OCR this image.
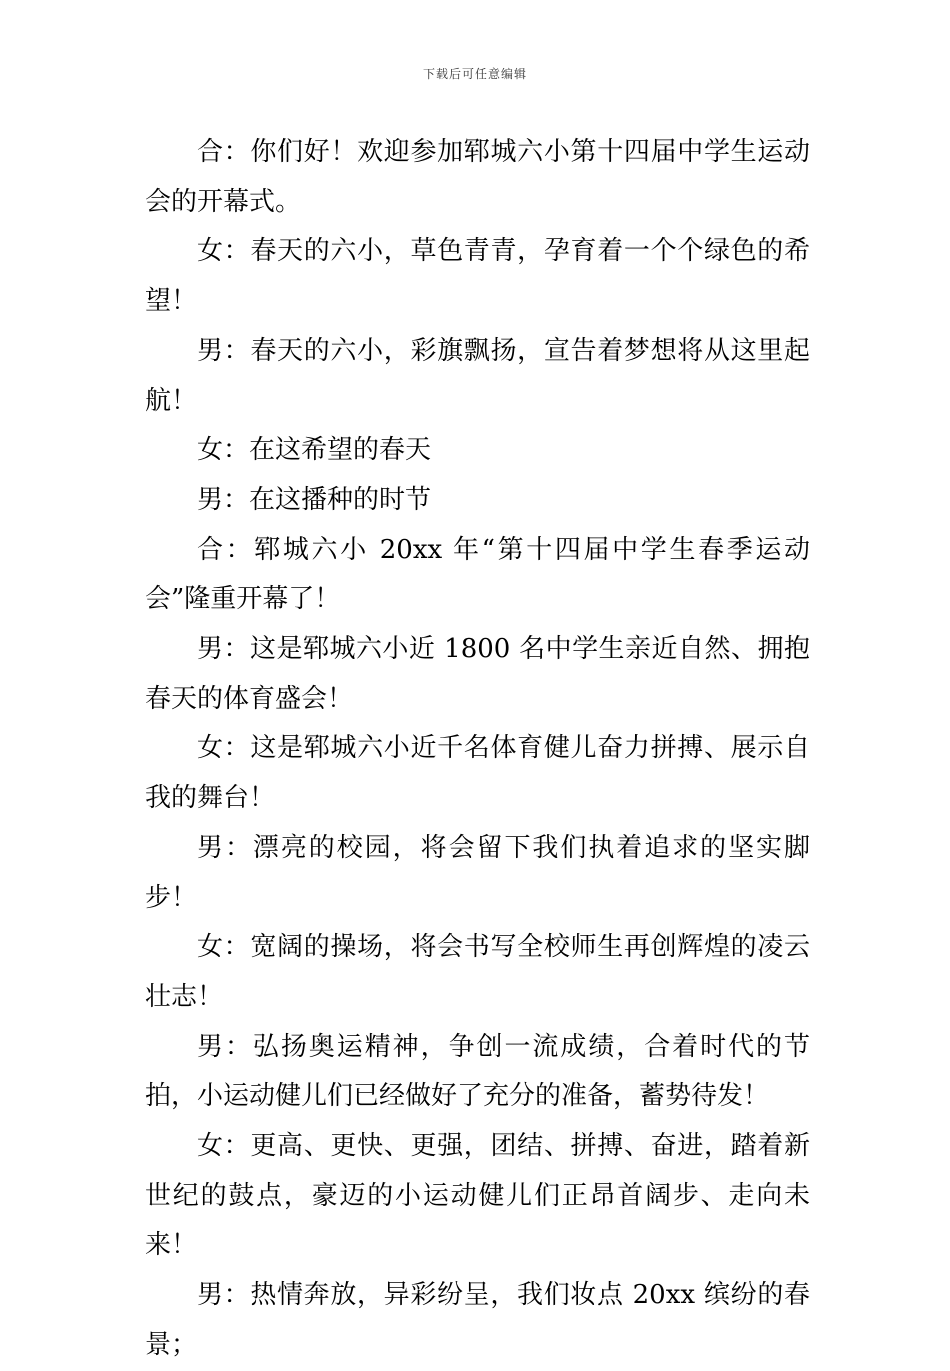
下载后可任意编辑

合：你们好！欢迎参加郓城六小第十四届中学生运动会的开幕式。

女：春天的六小，草色青青，孕育着一个个绿色的希望！

男：春天的六小，彩旗飘扬，宣告着梦想将从这里起航！

女：在这希望的春天

男：在这播种的时节

合：郓城六小 20xx 年“第十四届中学生春季运动会”隆重开幕了！

男：这是郓城六小近 1800 名中学生亲近自然、拥抱春天的体育盛会！

女：这是郓城六小近千名体育健儿奋力拼搏、展示自我的舞台！

男：漂亮的校园，将会留下我们执着追求的坚实脚步！

女：宽阔的操场，将会书写全校师生再创辉煌的凌云壮志！

男：弘扬奥运精神，争创一流成绩，合着时代的节拍，小运动健儿们已经做好了充分的准备，蓄势待发！

女：更高、更快、更强，团结、拼搏、奋进，踏着新世纪的鼓点，豪迈的小运动健儿们正昂首阔步、走向未来！

男：热情奔放，异彩纷呈，我们妆点 20xx 缤纷的春景；
